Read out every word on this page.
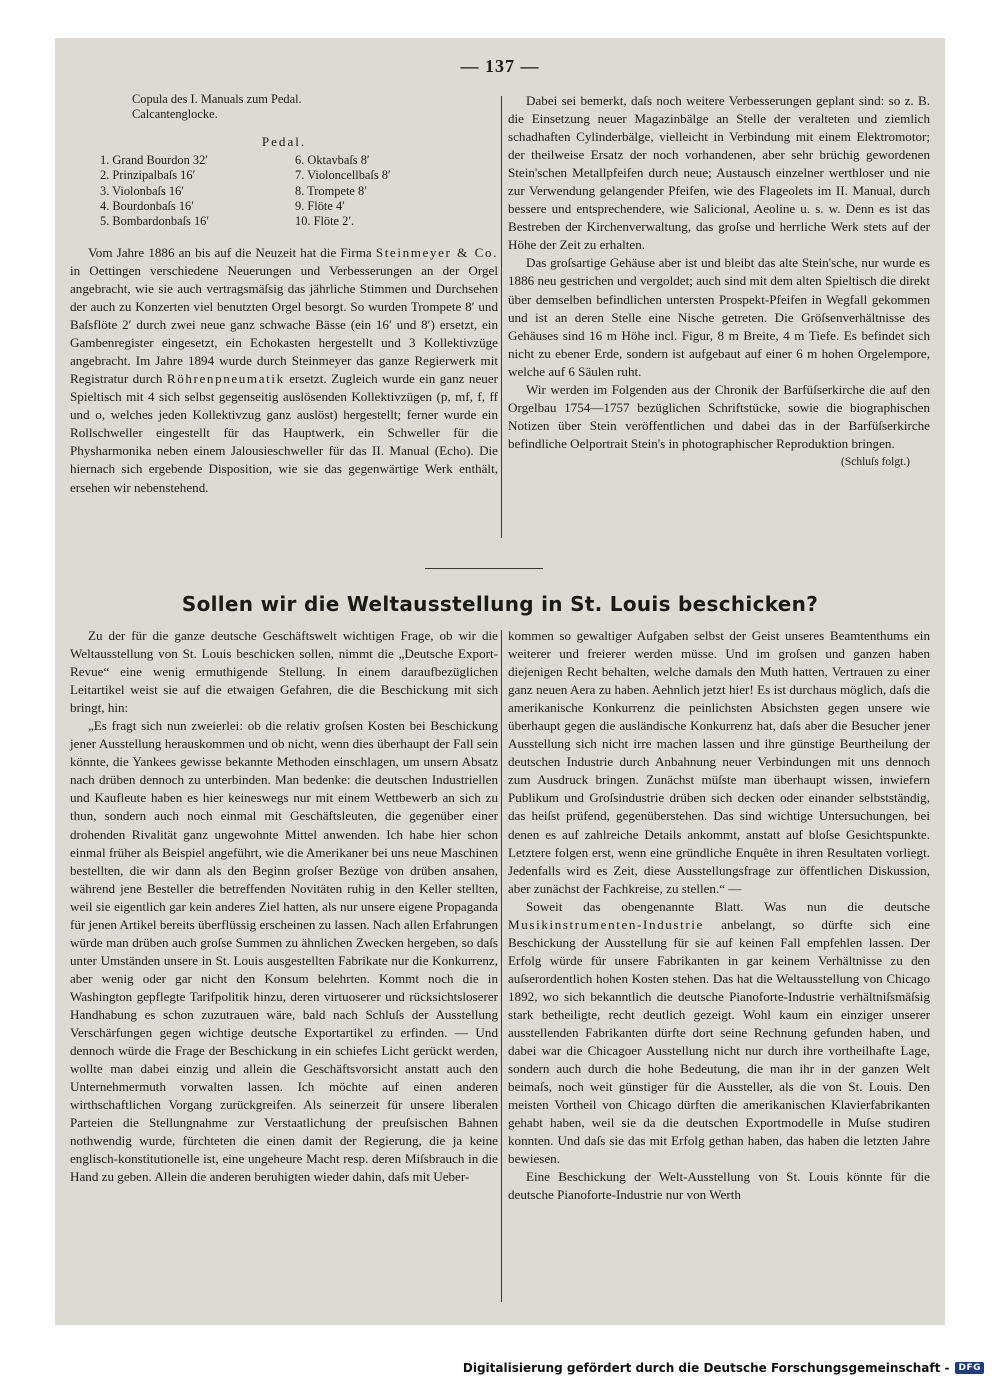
— 137 —
Copula des I. Manuals zum Pedal.
Calcantenglocke.
Pedal.
1. Grand Bourdon 32′
2. Prinzipalbaſs 16′
3. Violonbaſs 16′
4. Bourdonbaſs 16′
5. Bombardonbaſs 16′
6. Oktavbaſs 8′
7. Violoncellbaſs 8′
8. Trompete 8′
9. Flöte 4′
10. Flöte 2′.

Vom Jahre 1886 an bis auf die Neuzeit hat die Firma Steinmeyer & Co. in Oettingen verschiedene Neuerungen und Verbesserungen an der Orgel angebracht, wie sie auch vertragsmäſsig das jährliche Stimmen und Durchsehen der auch zu Konzerten viel benutzten Orgel besorgt. So wurden Trompete 8′ und Baſsflöte 2′ durch zwei neue ganz schwache Bässe (ein 16′ und 8′) ersetzt, ein Gambenregister eingesetzt, ein Echokasten hergestellt und 3 Kollektivzüge angebracht. Im Jahre 1894 wurde durch Steinmeyer das ganze Regierwerk mit Registratur durch Röhrenpneumatik ersetzt. Zugleich wurde ein ganz neuer Spieltisch mit 4 sich selbst gegenseitig auslösenden Kollektivzügen (p, mf, f, ff und o, welches jeden Kollektivzug ganz auslöst) hergestellt; ferner wurde ein Rollschweller eingestellt für das Hauptwerk, ein Schweller für die Physharmonika neben einem Jalousieschweller für das II. Manual (Echo). Die hiernach sich ergebende Disposition, wie sie das gegenwärtige Werk enthält, ersehen wir nebenstehend.

Dabei sei bemerkt, daſs noch weitere Verbesserungen geplant sind: so z. B. die Einsetzung neuer Magazinbälge an Stelle der veralteten und ziemlich schadhaften Cylinderbälge, vielleicht in Verbindung mit einem Elektromotor; der theilweise Ersatz der noch vorhandenen, aber sehr brüchig gewordenen Stein'schen Metallpfeifen durch neue; Austausch einzelner werthloser und nie zur Verwendung gelangender Pfeifen, wie des Flageolets im II. Manual, durch bessere und entsprechendere, wie Salicional, Aeoline u. s. w. Denn es ist das Bestreben der Kirchenverwaltung, das groſse und herrliche Werk stets auf der Höhe der Zeit zu erhalten.

Das groſsartige Gehäuse aber ist und bleibt das alte Stein'sche, nur wurde es 1886 neu gestrichen und vergoldet; auch sind mit dem alten Spieltisch die direkt über demselben befindlichen untersten Prospekt-Pfeifen in Wegfall gekommen und ist an deren Stelle eine Nische getreten. Die Gröſsenverhältnisse des Gehäuses sind 16 m Höhe incl. Figur, 8 m Breite, 4 m Tiefe. Es befindet sich nicht zu ebener Erde, sondern ist aufgebaut auf einer 6 m hohen Orgelempore, welche auf 6 Säulen ruht.

Wir werden im Folgenden aus der Chronik der Barfüſserkirche die auf den Orgelbau 1754—1757 bezüglichen Schriftstücke, sowie die biographischen Notizen über Stein veröffentlichen und dabei das in der Barfüſserkirche befindliche Oelportrait Stein's in photographischer Reproduktion bringen.

(Schluſs folgt.)
Sollen wir die Weltausstellung in St. Louis beschicken?

Zu der für die ganze deutsche Geschäftswelt wichtigen Frage, ob wir die Weltausstellung von St. Louis beschicken sollen, nimmt die „Deutsche Export-Revue“ eine wenig ermuthigende Stellung. In einem daraufbezüglichen Leitartikel weist sie auf die etwaigen Gefahren, die die Beschickung mit sich bringt, hin:

„Es fragt sich nun zweierlei: ob die relativ groſsen Kosten bei Beschickung jener Ausstellung herauskommen und ob nicht, wenn dies überhaupt der Fall sein könnte, die Yankees gewisse bekannte Methoden einschlagen, um unsern Absatz nach drüben dennoch zu unterbinden. Man bedenke: die deutschen Industriellen und Kaufleute haben es hier keineswegs nur mit einem Wettbewerb an sich zu thun, sondern auch noch einmal mit Geschäftsleuten, die gegenüber einer drohenden Rivalität ganz ungewohnte Mittel anwenden. Ich habe hier schon einmal früher als Beispiel angeführt, wie die Amerikaner bei uns neue Maschinen bestellten, die wir dann als den Beginn groſser Bezüge von drüben ansahen, während jene Besteller die betreffenden Novitäten ruhig in den Keller stellten, weil sie eigentlich gar kein anderes Ziel hatten, als nur unsere eigene Propaganda für jenen Artikel bereits überflüssig erscheinen zu lassen. Nach allen Erfahrungen würde man drüben auch groſse Summen zu ähnlichen Zwecken hergeben, so daſs unter Umständen unsere in St. Louis ausgestellten Fabrikate nur die Konkurrenz, aber wenig oder gar nicht den Konsum belehrten. Kommt noch die in Washington gepflegte Tarifpolitik hinzu, deren virtuoserer und rücksichtsloserer Handhabung es schon zuzutrauen wäre, bald nach Schluſs der Ausstellung Verschärfungen gegen wichtige deutsche Exportartikel zu erfinden. — Und dennoch würde die Frage der Beschickung in ein schiefes Licht gerückt werden, wollte man dabei einzig und allein die Geschäftsvorsicht anstatt auch den Unternehmermuth vorwalten lassen. Ich möchte auf einen anderen wirthschaftlichen Vorgang zurückgreifen. Als seinerzeit für unsere liberalen Parteien die Stellungnahme zur Verstaatlichung der preuſsischen Bahnen nothwendig wurde, fürchteten die einen damit der Regierung, die ja keine englisch-konstitutionelle ist, eine ungeheure Macht resp. deren Miſsbrauch in die Hand zu geben. Allein die anderen beruhigten wieder dahin, daſs mit Ueber-

kommen so gewaltiger Aufgaben selbst der Geist unseres Beamtenthums ein weiterer und freierer werden müsse. Und im groſsen und ganzen haben diejenigen Recht behalten, welche damals den Muth hatten, Vertrauen zu einer ganz neuen Aera zu haben. Aehnlich jetzt hier! Es ist durchaus möglich, daſs die amerikanische Konkurrenz die peinlichsten Absichsten gegen unsere wie überhaupt gegen die ausländische Konkurrenz hat, daſs aber die Besucher jener Ausstellung sich nicht irre machen lassen und ihre günstige Beurtheilung der deutschen Industrie durch Anbahnung neuer Verbindungen mit uns dennoch zum Ausdruck bringen. Zunächst müſste man überhaupt wissen, inwiefern Publikum und Groſsindustrie drüben sich decken oder einander selbstständig, das heiſst prüfend, gegenüberstehen. Das sind wichtige Untersuchungen, bei denen es auf zahlreiche Details ankommt, anstatt auf bloſse Gesichtspunkte. Letztere folgen erst, wenn eine gründliche Enquête in ihren Resultaten vorliegt. Jedenfalls wird es Zeit, diese Ausstellungsfrage zur öffentlichen Diskussion, aber zunächst der Fachkreise, zu stellen.“ —

Soweit das obengenannte Blatt. Was nun die deutsche Musikinstrumenten-Industrie anbelangt, so dürfte sich eine Beschickung der Ausstellung für sie auf keinen Fall empfehlen lassen. Der Erfolg würde für unsere Fabrikanten in gar keinem Verhältnisse zu den auſserordentlich hohen Kosten stehen. Das hat die Weltausstellung von Chicago 1892, wo sich bekanntlich die deutsche Pianoforte-Industrie verhältniſsmäſsig stark betheiligte, recht deutlich gezeigt. Wohl kaum ein einziger unserer ausstellenden Fabrikanten dürfte dort seine Rechnung gefunden haben, und dabei war die Chicagoer Ausstellung nicht nur durch ihre vortheilhafte Lage, sondern auch durch die hohe Bedeutung, die man ihr in der ganzen Welt beimaſs, noch weit günstiger für die Aussteller, als die von St. Louis. Den meisten Vortheil von Chicago dürften die amerikanischen Klavierfabrikanten gehabt haben, weil sie da die deutschen Exportmodelle in Muſse studiren konnten. Und daſs sie das mit Erfolg gethan haben, das haben die letzten Jahre bewiesen.

Eine Beschickung der Welt-Ausstellung von St. Louis könnte für die deutsche Pianoforte-Industrie nur von Werth

Digitalisierung gefördert durch die Deutsche Forschungsgemeinschaft -	DFG
